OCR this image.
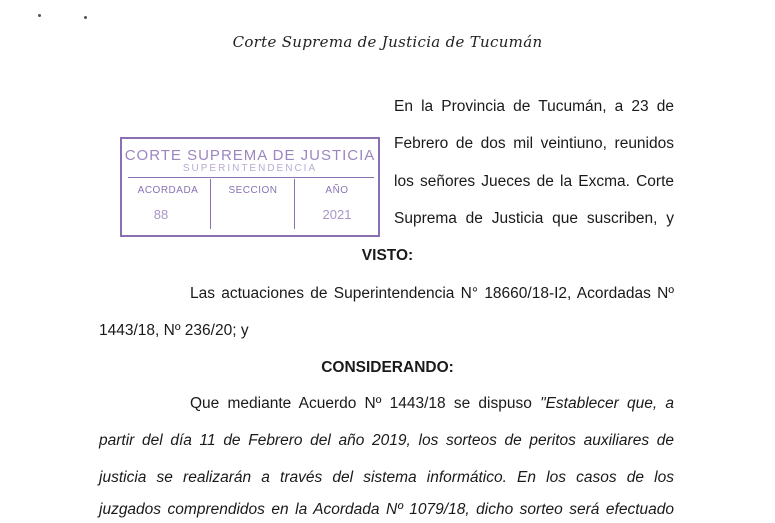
Corte Suprema de Justicia de Tucumán
En la Provincia de Tucumán, a 23 de
Febrero de dos mil veintiuno, reunidos
los señores Jueces de la Excma. Corte
Suprema de Justicia que suscriben, y
CORTE SUPREMA DE JUSTICIA
SUPERINTENDENCIA
ACORDADA
88
SECCION	AÑO
2021
VISTO:
Las actuaciones de Superintendencia N° 18660/18-I2, Acordadas Nº
1443/18, Nº 236/20; y
CONSIDERANDO:
Que mediante Acuerdo Nº 1443/18 se dispuso "Establecer que, a
partir del día 11 de Febrero del año 2019, los sorteos de peritos auxiliares de
justicia se realizarán a través del sistema informático. En los casos de los
juzgados comprendidos en la Acordada Nº 1079/18, dicho sorteo será efectuado
